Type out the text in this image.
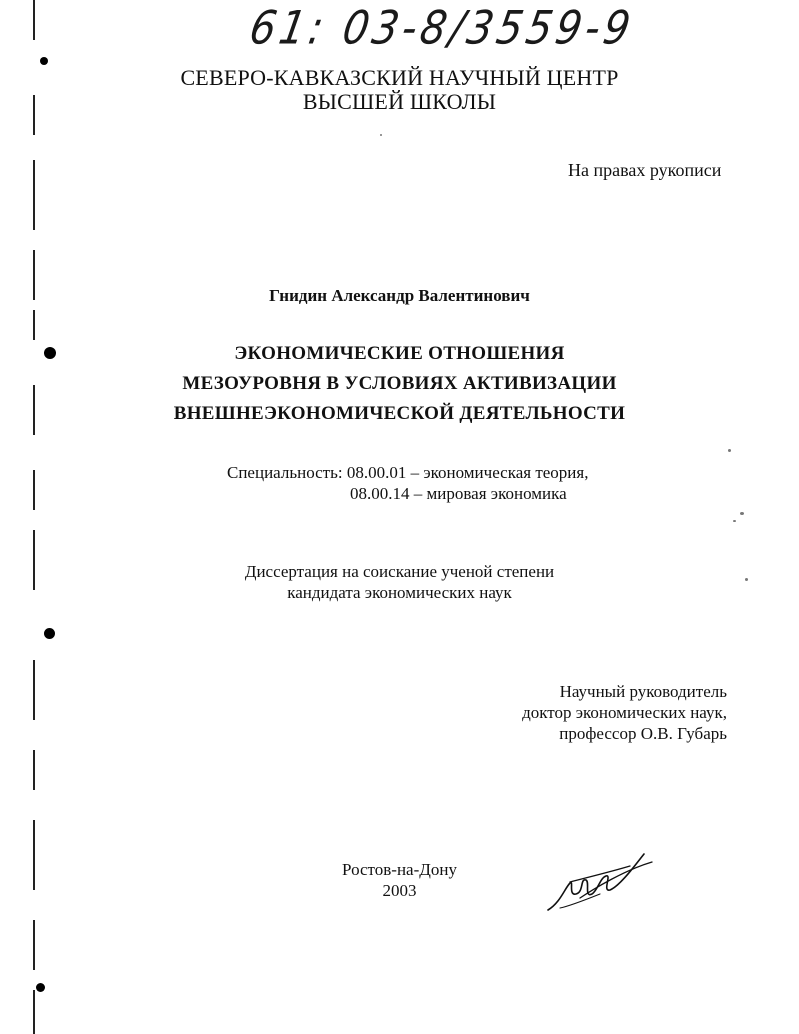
61: 03-8/3559-9
СЕВЕРО-КАВКАЗСКИЙ НАУЧНЫЙ ЦЕНТР
ВЫСШЕЙ ШКОЛЫ
На правах рукописи
Гнидин Александр Валентинович
ЭКОНОМИЧЕСКИЕ ОТНОШЕНИЯ
МЕЗОУРОВНЯ В УСЛОВИЯХ АКТИВИЗАЦИИ
ВНЕШНЕЭКОНОМИЧЕСКОЙ ДЕЯТЕЛЬНОСТИ
Специальность: 08.00.01 – экономическая теория,
08.00.14 – мировая экономика
Диссертация на соискание ученой степени
кандидата экономических наук
Научный руководитель
доктор экономических наук,
профессор О.В. Губарь
Ростов-на-Дону
2003
